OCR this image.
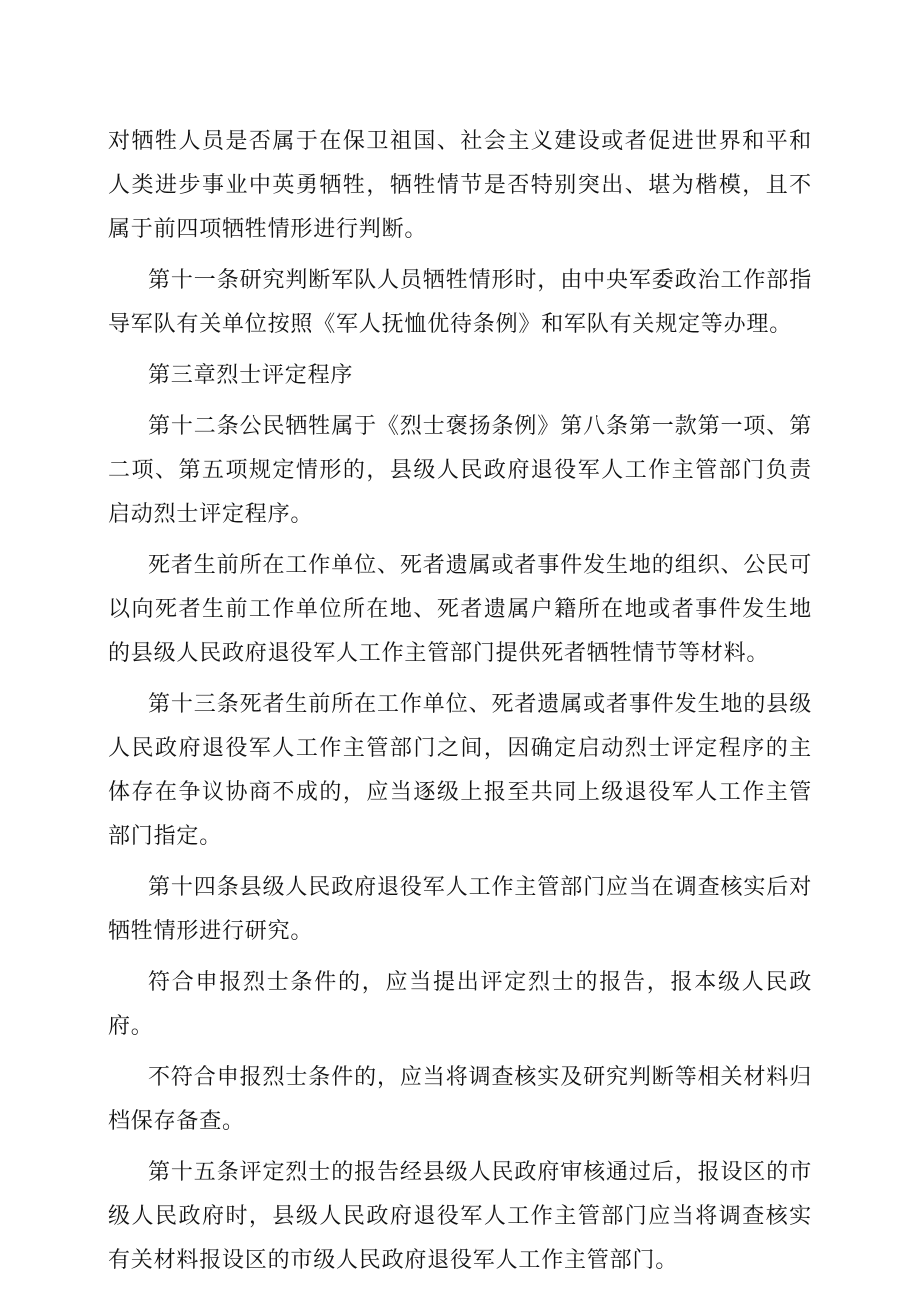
对牺牲人员是否属于在保卫祖国、社会主义建设或者促进世界和平和人类进步事业中英勇牺牲，牺牲情节是否特别突出、堪为楷模，且不属于前四项牺牲情形进行判断。

第十一条研究判断军队人员牺牲情形时，由中央军委政治工作部指导军队有关单位按照《军人抚恤优待条例》和军队有关规定等办理。

第三章烈士评定程序

第十二条公民牺牲属于《烈士褒扬条例》第八条第一款第一项、第二项、第五项规定情形的，县级人民政府退役军人工作主管部门负责启动烈士评定程序。

死者生前所在工作单位、死者遗属或者事件发生地的组织、公民可以向死者生前工作单位所在地、死者遗属户籍所在地或者事件发生地的县级人民政府退役军人工作主管部门提供死者牺牲情节等材料。

第十三条死者生前所在工作单位、死者遗属或者事件发生地的县级人民政府退役军人工作主管部门之间，因确定启动烈士评定程序的主体存在争议协商不成的，应当逐级上报至共同上级退役军人工作主管部门指定。

第十四条县级人民政府退役军人工作主管部门应当在调查核实后对牺牲情形进行研究。

符合申报烈士条件的，应当提出评定烈士的报告，报本级人民政府。

不符合申报烈士条件的，应当将调查核实及研究判断等相关材料归档保存备查。

第十五条评定烈士的报告经县级人民政府审核通过后，报设区的市级人民政府时，县级人民政府退役军人工作主管部门应当将调查核实有关材料报设区的市级人民政府退役军人工作主管部门。
